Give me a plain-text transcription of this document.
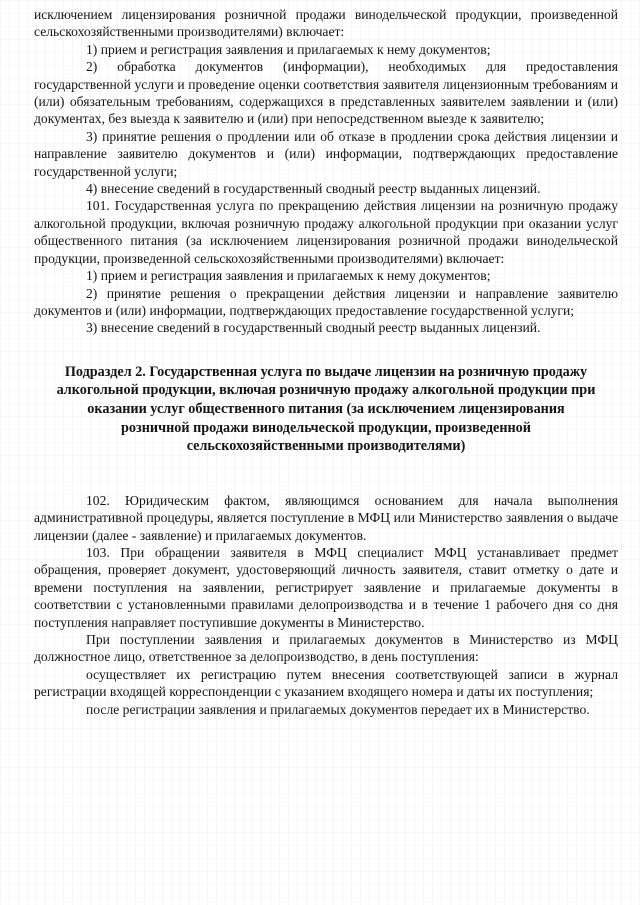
исключением лицензирования розничной продажи винодельческой продукции, произведенной сельскохозяйственными производителями) включает:

1) прием и регистрация заявления и прилагаемых к нему документов;

2) обработка документов (информации), необходимых для предоставления государственной услуги и проведение оценки соответствия заявителя лицензионным требованиям и (или) обязательным требованиям, содержащихся в представленных заявителем заявлении и (или) документах, без выезда к заявителю и (или) при непосредственном выезде к заявителю;

3) принятие решения о продлении или об отказе в продлении срока действия лицензии и направление заявителю документов и (или) информации, подтверждающих предоставление государственной услуги;

4) внесение сведений в государственный сводный реестр выданных лицензий.

101. Государственная услуга по прекращению действия лицензии на розничную продажу алкогольной продукции, включая розничную продажу алкогольной продукции при оказании услуг общественного питания (за исключением лицензирования розничной продажи винодельческой продукции, произведенной сельскохозяйственными производителями) включает:

1) прием и регистрация заявления и прилагаемых к нему документов;

2) принятие решения о прекращении действия лицензии и направление заявителю документов и (или) информации, подтверждающих предоставление государственной услуги;

3) внесение сведений в государственный сводный реестр выданных лицензий.

Подраздел 2. Государственная услуга по выдаче лицензии на розничную продажу алкогольной продукции, включая розничную продажу алкогольной продукции при оказании услуг общественного питания (за исключением лицензирования розничной продажи винодельческой продукции, произведенной сельскохозяйственными производителями)

102. Юридическим фактом, являющимся основанием для начала выполнения административной процедуры, является поступление в МФЦ или Министерство заявления о выдаче лицензии (далее - заявление) и прилагаемых документов.

103. При обращении заявителя в МФЦ специалист МФЦ устанавливает предмет обращения, проверяет документ, удостоверяющий личность заявителя, ставит отметку о дате и времени поступления на заявлении, регистрирует заявление и прилагаемые документы в соответствии с установленными правилами делопроизводства и в течение 1 рабочего дня со дня поступления направляет поступившие документы в Министерство.

При поступлении заявления и прилагаемых документов в Министерство из МФЦ должностное лицо, ответственное за делопроизводство, в день поступления:

осуществляет их регистрацию путем внесения соответствующей записи в журнал регистрации входящей корреспонденции с указанием входящего номера и даты их поступления;

после регистрации заявления и прилагаемых документов передает их в Министерство.
